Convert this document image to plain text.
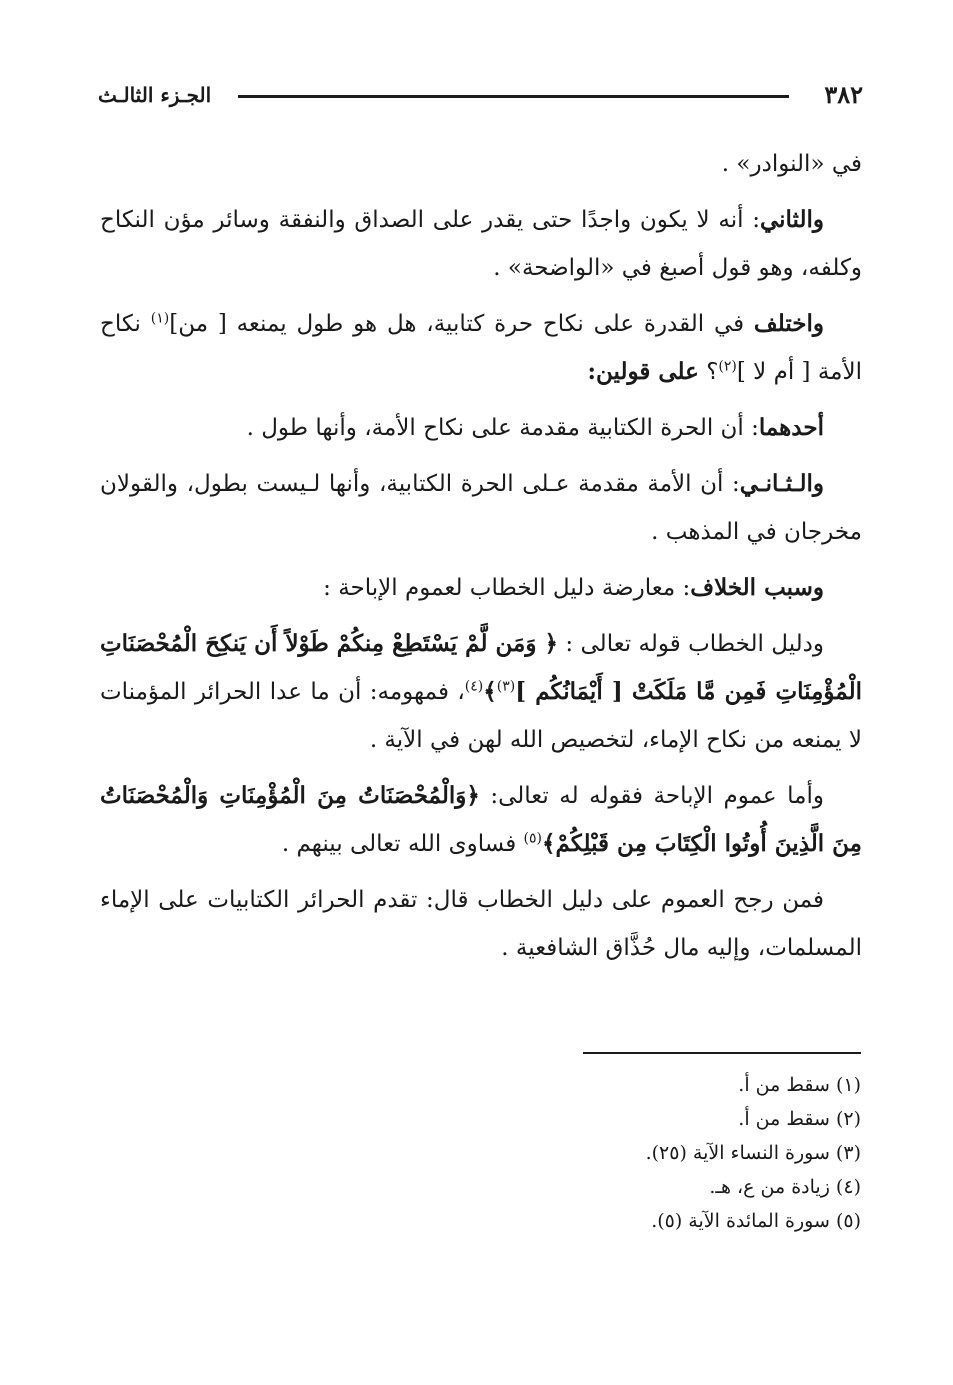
٣٨٢
الجـزء الثالـث

في «النوادر» .

والثاني: أنه لا يكون واجدًا حتى يقدر على الصداق والنفقة وسائر مؤن النكاح وكلفه، وهو قول أصبغ في «الواضحة» .

واختلف في القدرة على نكاح حرة كتابية، هل هو طول يمنعه [ من]$^{(١)}$ نكاح الأمة [ أم لا ]$^{(٢)}$؟ على قولين:

أحدهما: أن الحرة الكتابية مقدمة على نكاح الأمة، وأنها طول .

والـثـانـي: أن الأمة مقدمة عـلى الحرة الكتابية، وأنها لـيست بطول، والقولان مخرجان في المذهب .

وسبب الخلاف: معارضة دليل الخطاب لعموم الإباحة :

ودليل الخطاب قوله تعالى : ﴿ وَمَن لَّمْ يَسْتَطِعْ مِنكُمْ طَوْلاً أَن يَنكِحَ الْمُحْصَنَاتِ الْمُؤْمِنَاتِ فَمِن مَّا مَلَكَتْ [ أَيْمَانُكُم ]$^{(٣)}$﴾$^{(٤)}$، فمهومه: أن ما عدا الحرائر المؤمنات لا يمنعه من نكاح الإماء، لتخصيص الله لهن في الآية .

وأما عموم الإباحة فقوله له تعالى: ﴿وَالْمُحْصَنَاتُ مِنَ الْمُؤْمِنَاتِ وَالْمُحْصَنَاتُ مِنَ الَّذِينَ أُوتُوا الْكِتَابَ مِن قَبْلِكُمْ﴾$^{(٥)}$ فساوى الله تعالى بينهم .

فمن رجح العموم على دليل الخطاب قال: تقدم الحرائر الكتابيات على الإماء المسلمات، وإليه مال حُذَّاق الشافعية .

(١) سقط من أ.
(٢) سقط من أ.
(٣) سورة النساء الآية (٢٥).
(٤) زيادة من ع، هـ.
(٥) سورة المائدة الآية (٥).
